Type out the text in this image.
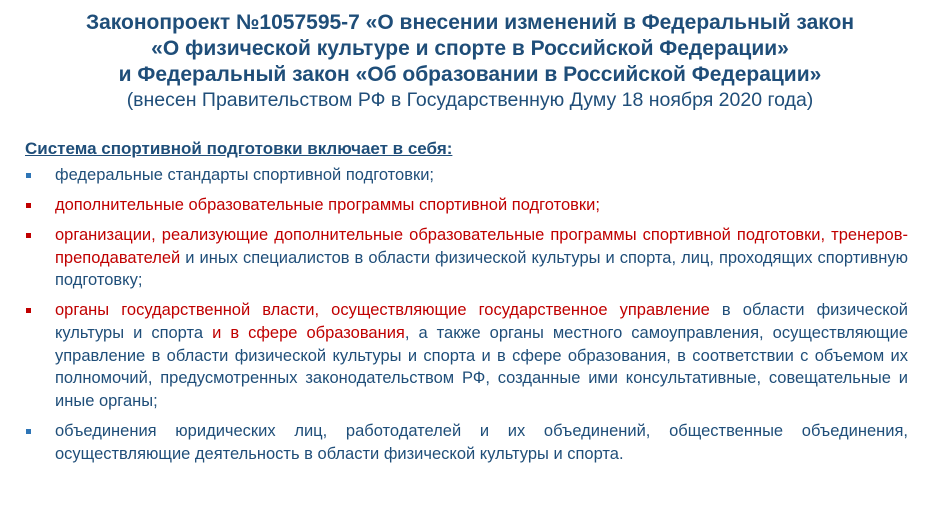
Законопроект №1057595-7 «О внесении изменений в Федеральный закон

«О физической культуре и спорте в Российской Федерации»

и Федеральный закон «Об образовании в Российской Федерации»

(внесен Правительством РФ в Государственную Думу 18 ноября 2020 года)

Система спортивной подготовки включает в себя:
федеральные стандарты спортивной подготовки;
дополнительные образовательные программы спортивной подготовки;
организации, реализующие дополнительные образовательные программы спортивной подготовки, тренеров-преподавателей и иных специалистов в области физической культуры и спорта, лиц, проходящих спортивную подготовку;
органы государственной власти, осуществляющие государственное управление в области физической культуры и спорта и в сфере образования, а также органы местного самоуправления, осуществляющие управление в области физической культуры и спорта и в сфере образования, в соответствии с объемом их полномочий, предусмотренных законодательством РФ, созданные ими консультативные, совещательные и иные органы;
объединения юридических лиц, работодателей и их объединений, общественные объединения, осуществляющие деятельность в области физической культуры и спорта.
